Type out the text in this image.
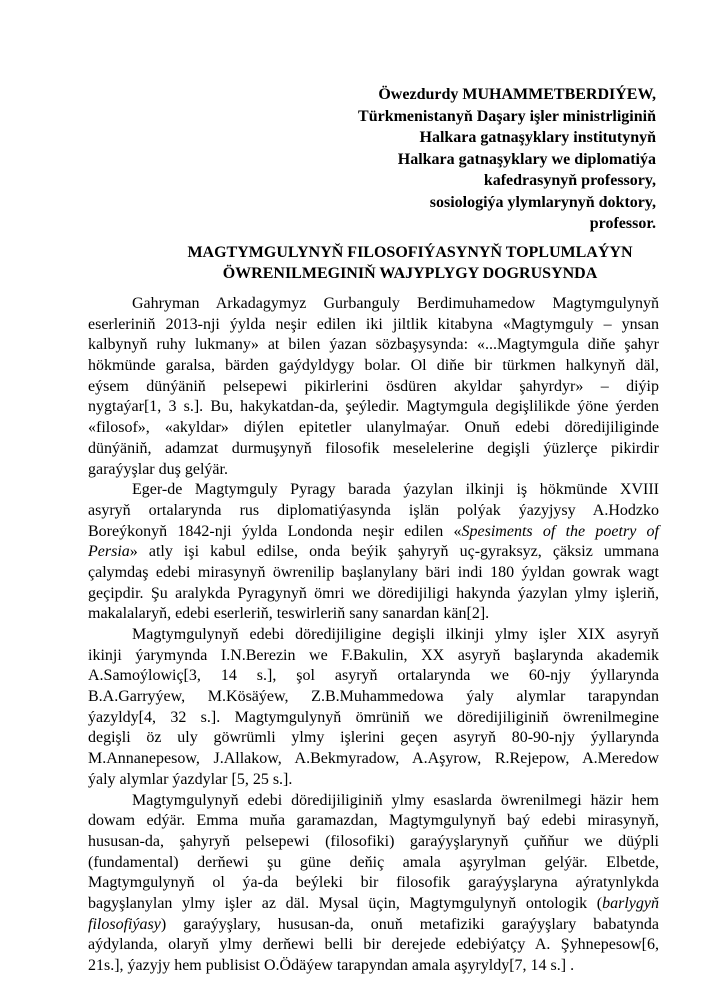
Öwezdurdy MUHAMMETBERDIÝEW,
Türkmenistanyň Daşary işler ministrliginiň
Halkara gatnaşyklary institutynyň
Halkara gatnaşyklary we diplomatiýa
kafedrasynyň professory,
sosiologiýa ylymlarynyň doktory,
professor.
MAGTYMGULYNYŇ FILOSOFIÝASYNYŇ TOPLUMLAÝYN
ÖWRENILMEGINIŇ WAJYPLYGY DOGRUSYNDA
Gahryman Arkadagymyz Gurbanguly Berdimuhamedow Magtymgulynyň
eserleriniň 2013-nji ýylda neşir edilen iki jiltlik kitabyna «Magtymguly – ynsan
kalbynyň ruhy lukmany» at bilen ýazan sözbaşysynda: «...Magtymgula diňe şahyr
hökmünde garalsa, bärden gaýdyldygy bolar. Ol diňe bir türkmen halkynyň däl,
eýsem dünýäniň pelsepewi pikirlerini ösdüren akyldar şahyrdyr» – diýip
nygtaýar[1, 3 s.]. Bu, hakykatdan-da, şeýledir. Magtymgula degişlilikde ýöne ýerden
«filosof», «akyldar» diýlen epitetler ulanylmaýar. Onuň edebi döredijiliginde
dünýäniň, adamzat durmuşynyň filosofik meselelerine degişli ýüzlerçe pikirdir
garaýyşlar duş gelýär.
Eger-de Magtymguly Pyragy barada ýazylan ilkinji iş hökmünde XVIII
asyryň ortalarynda rus diplomatiýasynda işlän polýak ýazyjysy A.Hodzko
Boreýkonyň 1842-nji ýylda Londonda neşir edilen «Spesiments of the poetry of
Persia» atly işi kabul edilse, onda beýik şahyryň uç-gyraksyz, çäksiz ummana
çalymdaş edebi mirasynyň öwrenilip başlanylany bäri indi 180 ýyldan gowrak wagt
geçipdir. Şu aralykda Pyragynyň ömri we döredijiligi hakynda ýazylan ylmy işleriň,
makalalaryň, edebi eserleriň, teswirleriň sany sanardan kän[2].
Magtymgulynyň edebi döredijiligine degişli ilkinji ylmy işler XIX asyryň
ikinji ýarymynda I.N.Berezin we F.Bakulin, XX asyryň başlarynda akademik
A.Samoýlowiç[3, 14 s.], şol asyryň ortalarynda we 60-njy ýyllarynda
B.A.Garryýew, M.Kösäýew, Z.B.Muhammedowa ýaly alymlar tarapyndan
ýazyldy[4, 32 s.]. Magtymgulynyň ömrüniň we döredijiliginiň öwrenilmegine
degişli öz uly göwrümli ylmy işlerini geçen asyryň 80-90-njy ýyllarynda
M.Annanepesow, J.Allakow, A.Bekmyradow, A.Aşyrow, R.Rejepow, A.Meredow
ýaly alymlar ýazdylar [5, 25 s.].
Magtymgulynyň edebi döredijiliginiň ylmy esaslarda öwrenilmegi häzir hem
dowam edýär. Emma muňa garamazdan, Magtymgulynyň baý edebi mirasynyň,
hususan-da, şahyryň pelsepewi (filosofiki) garaýyşlarynyň çuňňur we düýpli
(fundamental) derňewi şu güne deňiç amala aşyrylman gelýär. Elbetde,
Magtymgulynyň ol ýa-da beýleki bir filosofik garaýyşlaryna aýratynlykda
bagyşlanylan ylmy işler az däl. Mysal üçin, Magtymgulynyň ontologik (barlygyň
filosofiýasy) garaýyşlary, hususan-da, onuň metafiziki garaýyşlary babatynda
aýdylanda, olaryň ylmy derňewi belli bir derejede edebiýatçy A. Şyhnepesow[6,
21s.], ýazyjy hem publisist O.Ödäýew tarapyndan amala aşyryldy[7, 14 s.] .
